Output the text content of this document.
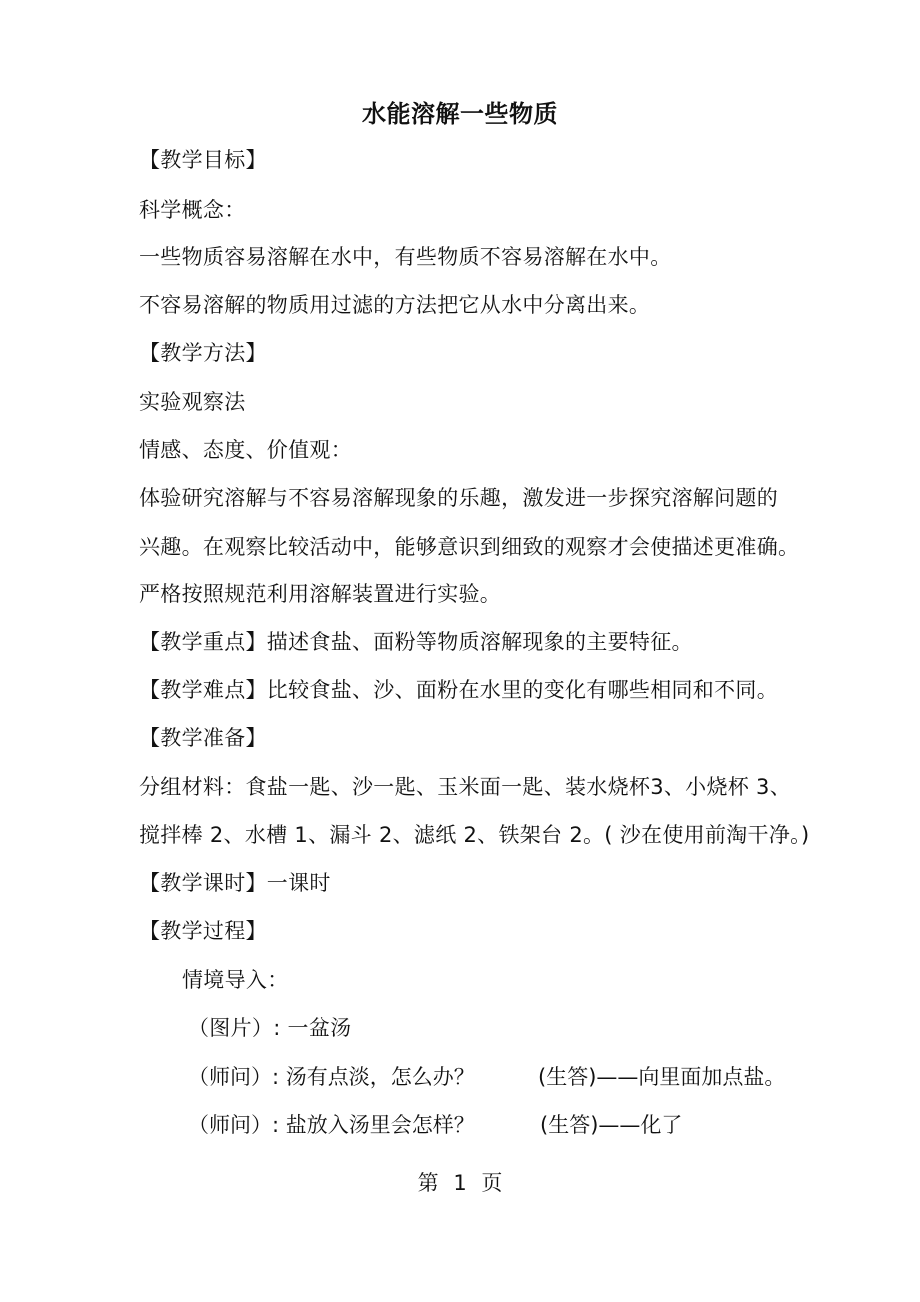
水能溶解一些物质
【教学目标】
科学概念：
一些物质容易溶解在水中，有些物质不容易溶解在水中。
不容易溶解的物质用过滤的方法把它从水中分离出来。
【教学方法】
实验观察法
情感、态度、价值观：
体验研究溶解与不容易溶解现象的乐趣，激发进一步探究溶解问题的
兴趣。在观察比较活动中，能够意识到细致的观察才会使描述更准确。
严格按照规范利用溶解装置进行实验。
【教学重点】描述食盐、面粉等物质溶解现象的主要特征。
【教学难点】比较食盐、沙、面粉在水里的变化有哪些相同和不同。
【教学准备】
分组材料：食盐一匙、沙一匙、玉米面一匙、装水烧杯3、小烧杯 3、
搅拌棒 2、水槽 1、漏斗 2、滤纸 2、铁架台 2。( 沙在使用前淘干净。)
【教学课时】一课时
【教学过程】
情境导入：
（图片）: 一盆汤
（师问）: 汤有点淡，怎么办？	(生答)——向里面加点盐。
（师问）: 盐放入汤里会怎样？	(生答)——化了
第 1 页
